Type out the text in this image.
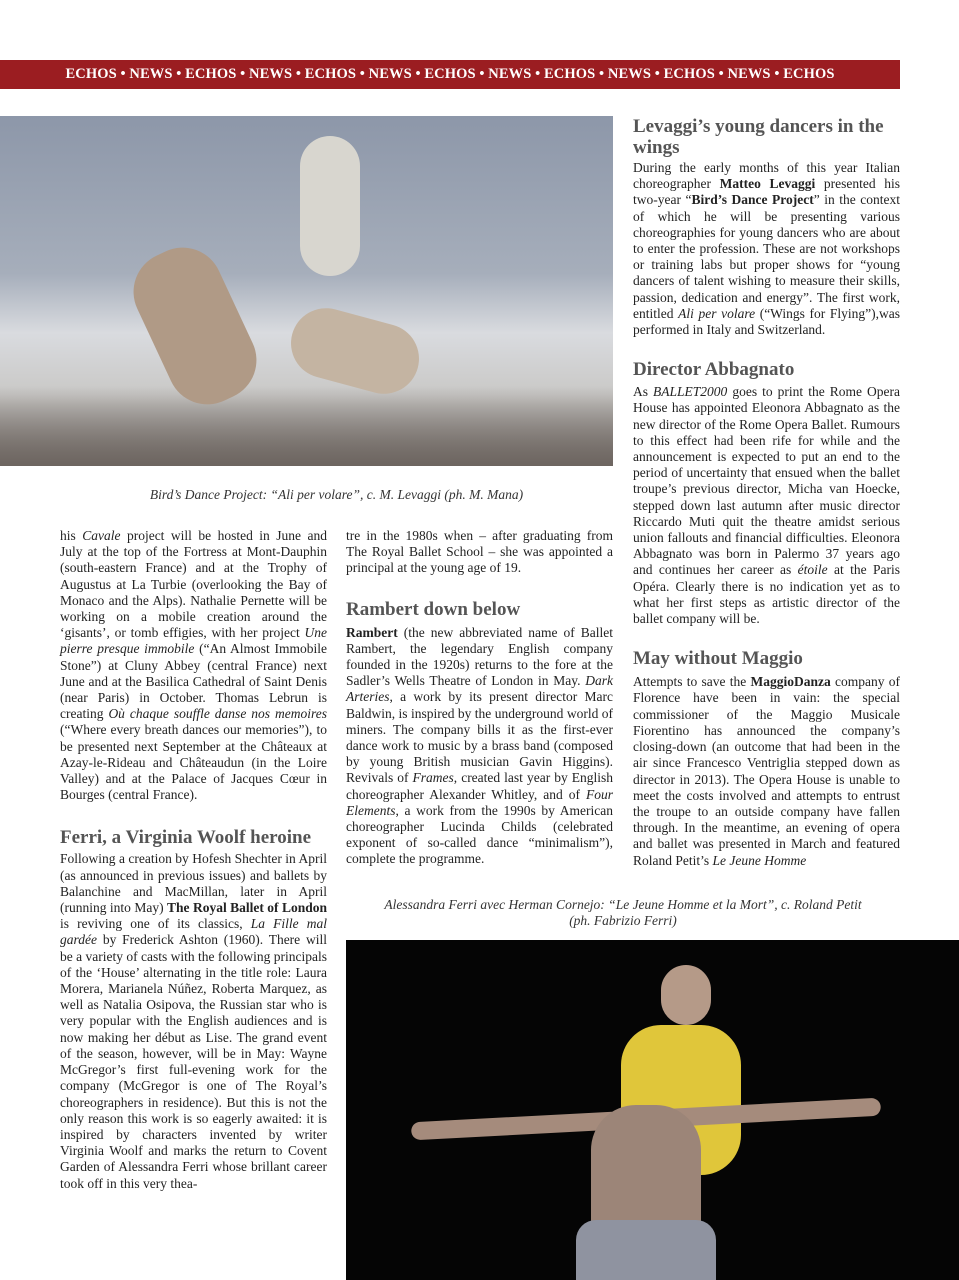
ECHOS • NEWS • ECHOS • NEWS • ECHOS • NEWS • ECHOS • NEWS • ECHOS • NEWS • ECHOS • NEWS • ECHOS
Bird’s Dance Project: “Ali per volare”, c. M. Levaggi (ph. M. Mana)

his Cavale project will be hosted in June and July at the top of the Fortress at Mont-Dauphin (south-eastern France) and at the Trophy of Augustus at La Turbie (overlooking the Bay of Monaco and the Alps). Nathalie Pernette will be working on a mobile creation around the ‘gisants’, or tomb effigies, with her project Une pierre presque immobile (“An Almost Immobile Stone”) at Cluny Abbey (central France) next June and at the Basilica Cathedral of Saint Denis (near Paris) in October. Thomas Lebrun is creating Où chaque souffle danse nos memoires (“Where every breath dances our memories”), to be presented next September at the Châteaux at Azay-le-Rideau and Châteaudun (in the Loire Valley) and at the Palace of Jacques Cœur in Bourges (central France).

Ferri, a Virginia Woolf heroine

Following a creation by Hofesh Shechter in April (as announced in previous issues) and ballets by Balanchine and MacMillan, later in April (running into May) The Royal Ballet of London is reviving one of its classics, La Fille mal gardée by Frederick Ashton (1960). There will be a variety of casts with the following principals of the ‘House’ alternating in the title role: Laura Morera, Marianela Núñez, Roberta Marquez, as well as Natalia Osipova, the Russian star who is very popular with the English audiences and is now making her début as Lise. The grand event of the season, however, will be in May: Wayne McGregor’s first full-evening work for the company (McGregor is one of The Royal’s choreographers in residence). But this is not the only reason this work is so eagerly awaited: it is inspired by characters invented by writer Virginia Woolf and marks the return to Covent Garden of Alessandra Ferri whose brillant career took off in this very thea-

tre in the 1980s when – after graduating from The Royal Ballet School – she was appointed a principal at the young age of 19.

Rambert down below

Rambert (the new abbreviated name of Ballet Rambert, the legendary English company founded in the 1920s) returns to the fore at the Sadler’s Wells Theatre of London in May. Dark Arteries, a work by its present director Marc Baldwin, is inspired by the underground world of miners. The company bills it as the first-ever dance work to music by a brass band (composed by young British musician Gavin Higgins). Revivals of Frames, created last year by English choreographer Alexander Whitley, and of Four Elements, a work from the 1990s by American choreographer Lucinda Childs (celebrated exponent of so-called dance “minimalism”), complete the programme.

Levaggi’s young dancers in the wings

During the early months of this year Italian choreographer Matteo Levaggi presented his two-year “Bird’s Dance Project” in the context of which he will be presenting various choreographies for young dancers who are about to enter the profession. These are not workshops or training labs but proper shows for “young dancers of talent wishing to measure their skills, passion, dedication and energy”. The first work, entitled Ali per volare (“Wings for Flying”),was performed in Italy and Switzerland.

Director Abbagnato

As BALLET2000 goes to print the Rome Opera House has appointed Eleonora Abbagnato as the new director of the Rome Opera Ballet. Rumours to this effect had been rife for while and the announcement is expected to put an end to the period of uncertainty that ensued when the ballet troupe’s previous director, Micha van Hoecke, stepped down last autumn after music director Riccardo Muti quit the theatre amidst serious union fallouts and financial difficulties. Eleonora Abbagnato was born in Palermo 37 years ago and continues her career as étoile at the Paris Opéra. Clearly there is no indication yet as to what her first steps as artistic director of the ballet company will be.

May without Maggio

Attempts to save the MaggioDanza company of Florence have been in vain: the special commissioner of the Maggio Musicale Fiorentino has announced the company’s closing-down (an outcome that had been in the air since Francesco Ventriglia stepped down as director in 2013). The Opera House is unable to meet the costs involved and attempts to entrust the troupe to an outside company have fallen through. In the meantime, an evening of opera and ballet was presented in March and featured Roland Petit’s Le Jeune Homme

Alessandra Ferri avec Herman Cornejo: “Le Jeune Homme et la Mort”, c. Roland Petit
(ph. Fabrizio Ferri)
